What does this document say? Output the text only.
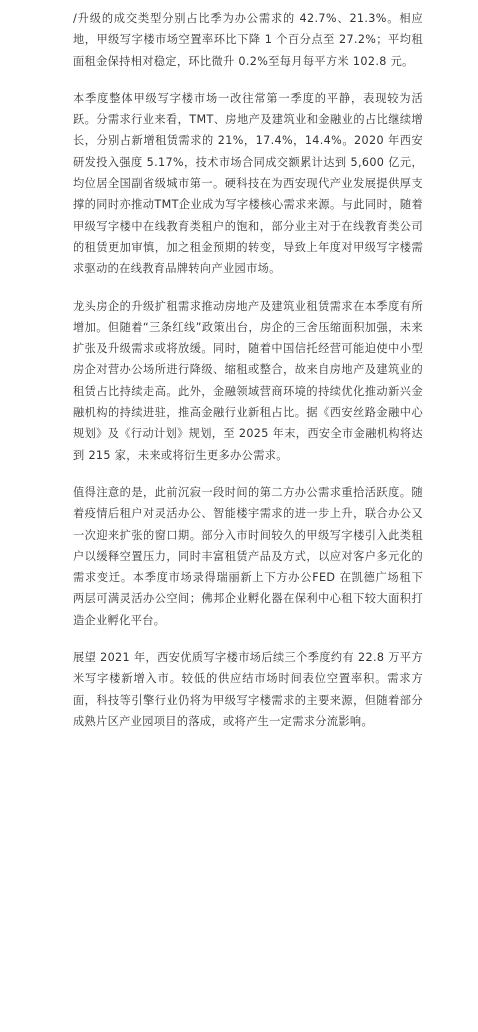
/升级的成交类型分别占比季为办公需求的 42.7%、21.3%。相应地，甲级写字楼市场空置率环比下降 1 个百分点至 27.2%；平均租面租金保持相对稳定，环比微升 0.2%至每月每平方米 102.8 元。

本季度整体甲级写字楼市场一改往常第一季度的平静，表现较为活跃。分需求行业来看，TMT、房地产及建筑业和金融业的占比继续增长，分别占新增租赁需求的 21%，17.4%，14.4%。2020 年西安研发投入强度 5.17%，技术市场合同成交额累计达到 5,600 亿元，均位居全国副省级城市第一。硬科技在为西安现代产业发展提供厚支撑的同时亦推动TMT企业成为写字楼核心需求来源。与此同时，随着甲级写字楼中在线教育类租户的饱和，部分业主对于在线教育类公司的租赁更加审慎，加之租金预期的转变，导致上年度对甲级写字楼需求驱动的在线教育品牌转向产业园市场。

龙头房企的升级扩租需求推动房地产及建筑业租赁需求在本季度有所增加。但随着“三条红线”政策出台，房企的三舍压缩面积加强，未来扩张及升级需求或将放缓。同时，随着中国信托经营可能迫使中小型房企对营办公场所进行降级、缩租或整合，故来自房地产及建筑业的租赁占比持续走高。此外，金融领域营商环境的持续优化推动新兴金融机构的持续进驻，推高金融行业新租占比。据《西安丝路金融中心规划》及《行动计划》规划，至 2025 年末，西安全市金融机构将达到 215 家，未来或将衍生更多办公需求。

值得注意的是，此前沉寂一段时间的第二方办公需求重拾活跃度。随着疫情后租户对灵活办公、智能楼宇需求的进一步上升，联合办公又一次迎来扩张的窗口期。部分入市时间较久的甲级写字楼引入此类租户以缓释空置压力，同时丰富租赁产品及方式，以应对客户多元化的需求变迁。本季度市场录得瑞丽新上下方办公FED 在凯德广场租下两层可满灵活办公空间；佛邦企业孵化器在保利中心租下较大面积打造企业孵化平台。

展望 2021 年，西安优质写字楼市场后续三个季度约有 22.8 万平方米写字楼新增入市。较低的供应结市场时间表位空置率积。需求方面，科技等引擎行业仍将为甲级写字楼需求的主要来源，但随着部分成熟片区产业园项目的落成，或将产生一定需求分流影响。
